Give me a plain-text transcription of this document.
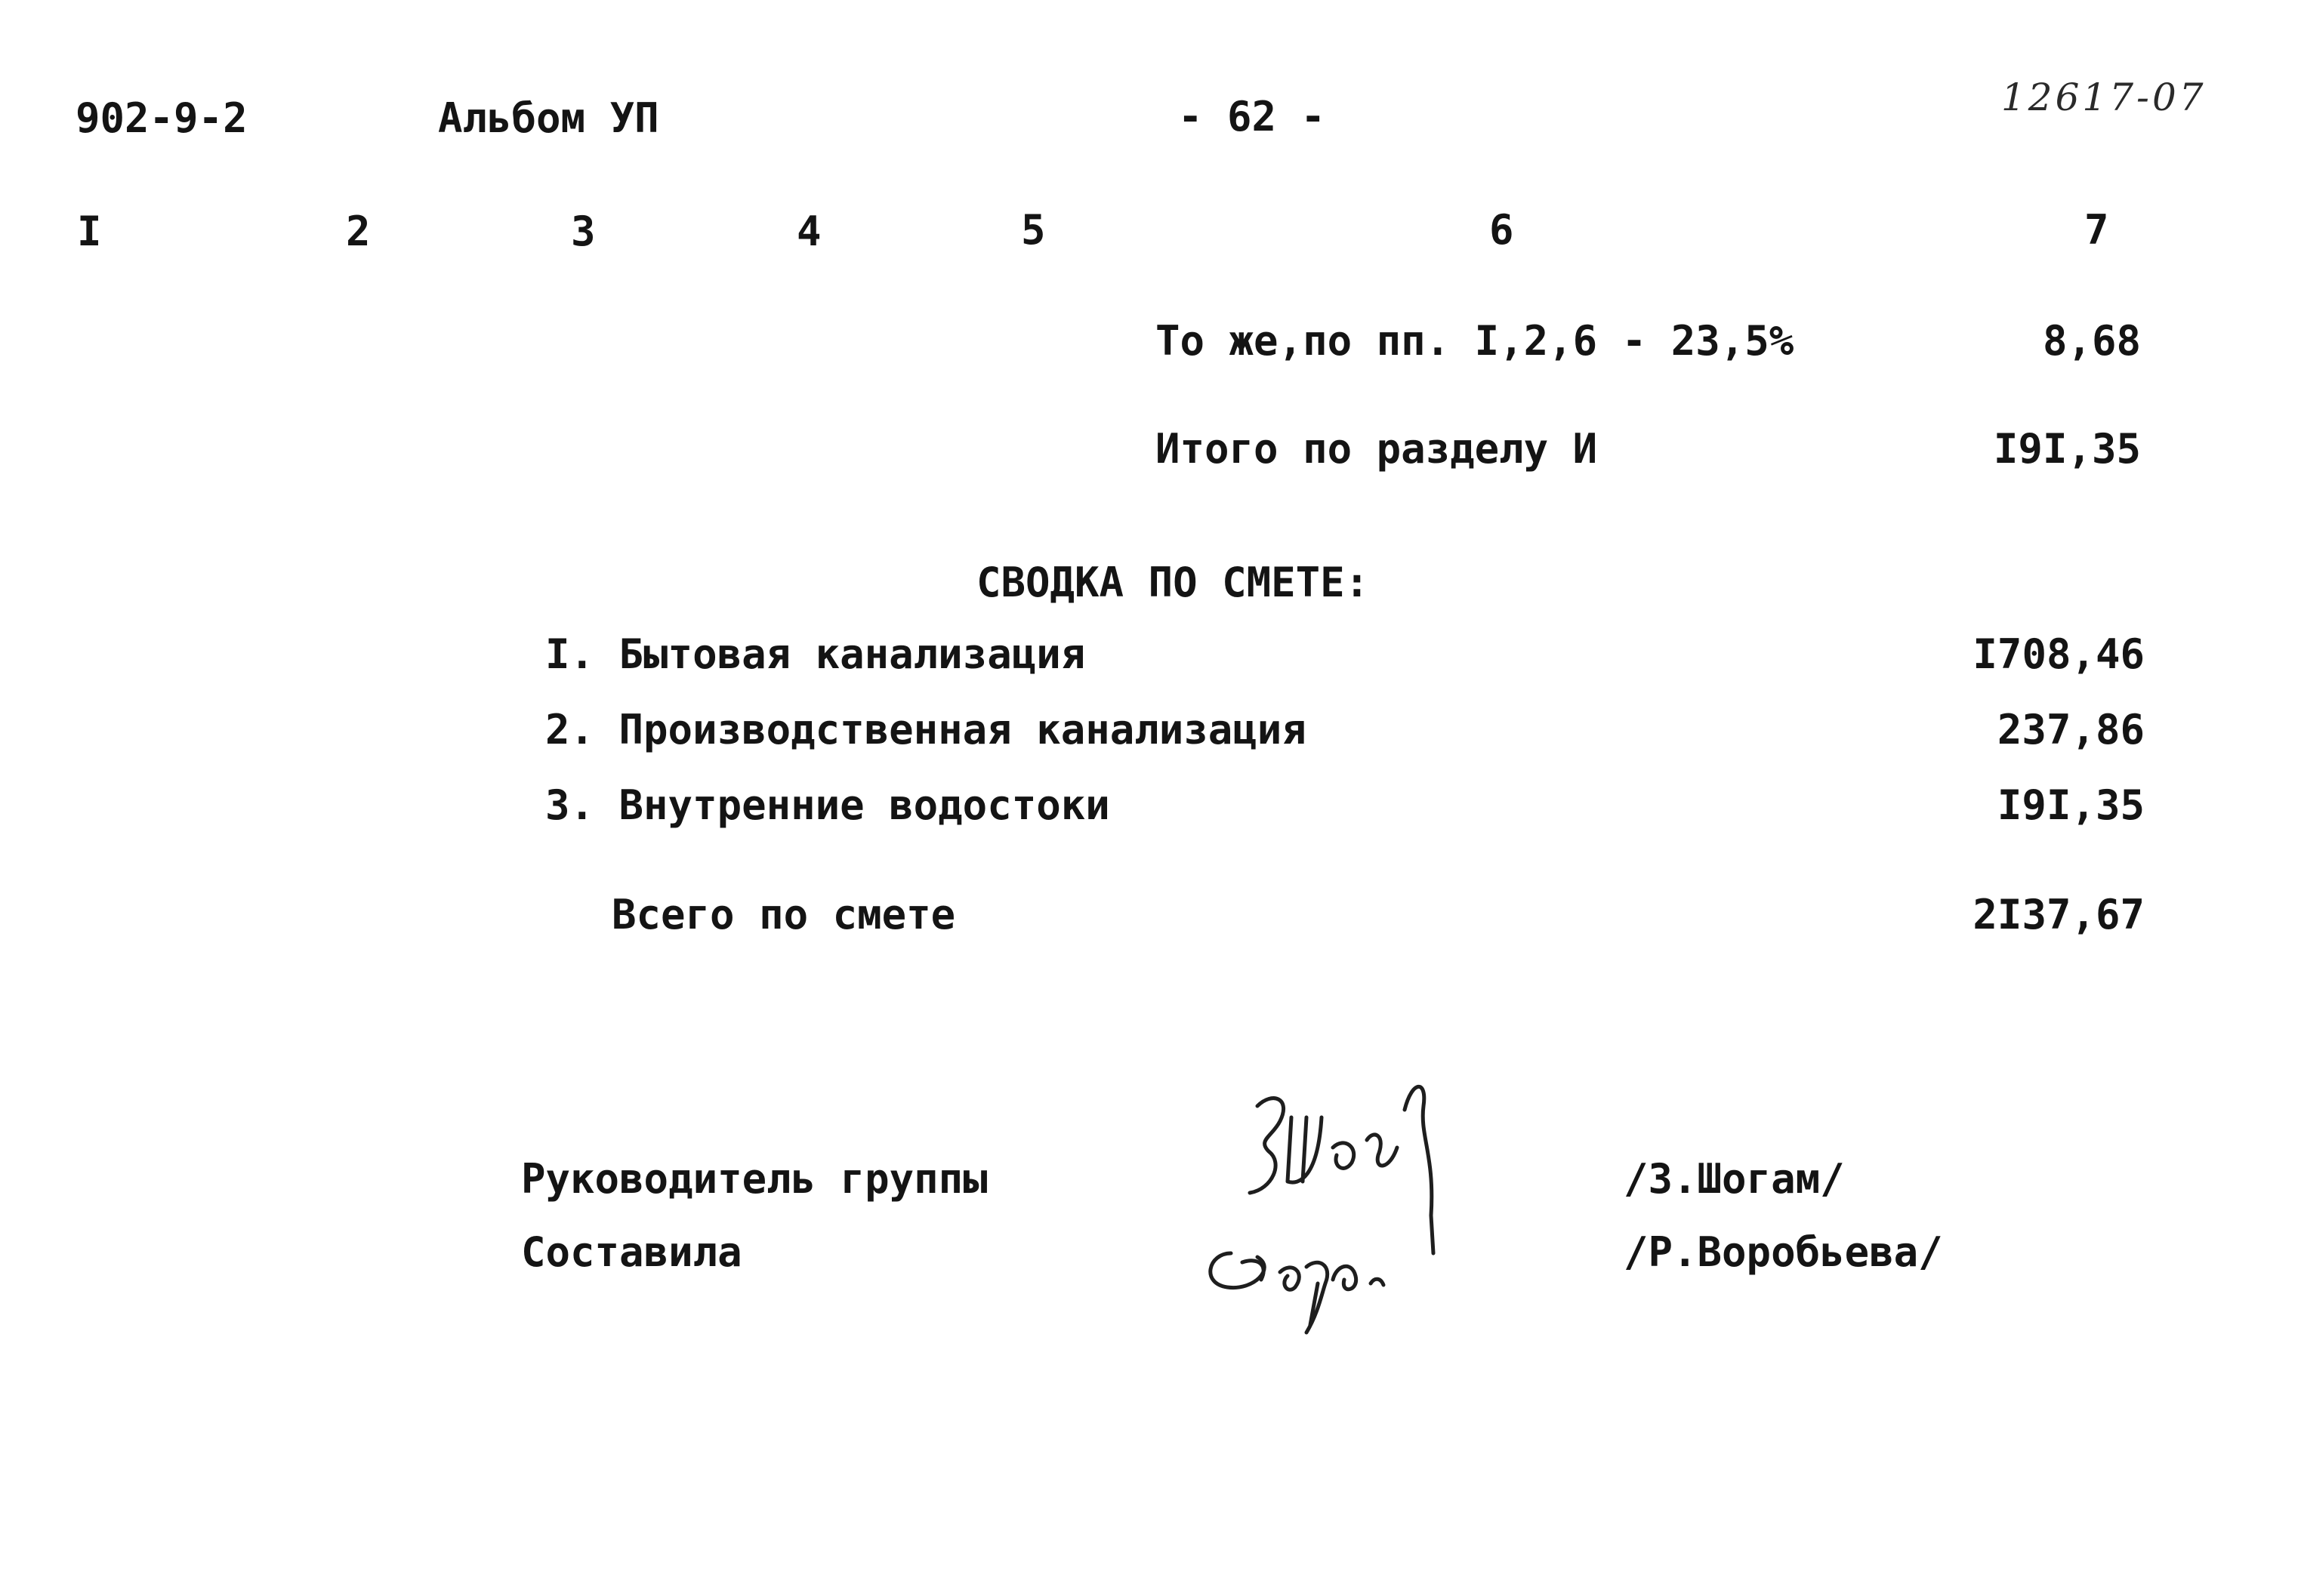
902-9-2	Альбом УП	- 62 -	12617-07
I	2	3	4	5	6	7
То же,по пп. I,2,6 - 23,5%	8,68
Итого по разделу И	I9I,35
СВОДКА ПО СМЕТЕ:
I. Бытовая канализация	I708,46
2. Производственная канализация	237,86
3. Внутренние водостоки	I9I,35
Всего по смете	2I37,67
Руководитель группы	/З.Шогам/
Составила	/Р.Воробьева/
